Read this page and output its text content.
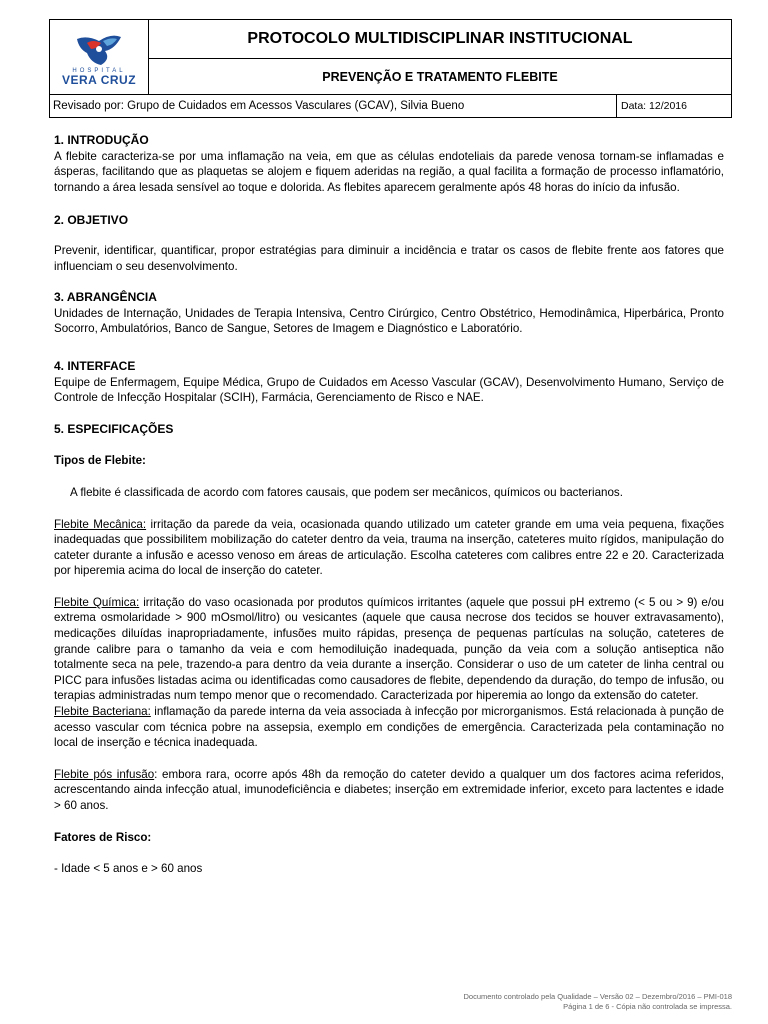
HOSPITAL
VERA CRUZ
PROTOCOLO MULTIDISCIPLINAR INSTITUCIONAL
PREVENÇÃO E TRATAMENTO FLEBITE
Revisado por: Grupo de Cuidados em Acessos Vasculares (GCAV), Silvia Bueno	Data: 12/2016

1. INTRODUÇÃO

A flebite caracteriza-se por uma inflamação na veia, em que as células endoteliais da parede venosa tornam-se inflamadas e ásperas, facilitando que as plaquetas se alojem e fiquem aderidas na região, a qual facilita a formação de processo inflamatório, tornando a área lesada sensível ao toque e dolorida. As flebites aparecem geralmente após 48 horas do início da infusão.

2. OBJETIVO

Prevenir, identificar, quantificar, propor estratégias para diminuir a incidência e tratar os casos de flebite frente aos fatores que influenciam o seu desenvolvimento.

3. ABRANGÊNCIA

Unidades de Internação, Unidades de Terapia Intensiva, Centro Cirúrgico, Centro Obstétrico, Hemodinâmica, Hiperbárica, Pronto Socorro, Ambulatórios, Banco de Sangue, Setores de Imagem e Diagnóstico e Laboratório.

4. INTERFACE

Equipe de Enfermagem, Equipe Médica, Grupo de Cuidados em Acesso Vascular (GCAV), Desenvolvimento Humano, Serviço de Controle de Infecção Hospitalar (SCIH), Farmácia, Gerenciamento de Risco e NAE.

5. ESPECIFICAÇÕES

Tipos de Flebite:

A flebite é classificada de acordo com fatores causais, que podem ser mecânicos, químicos ou bacterianos.

Flebite Mecânica: irritação da parede da veia, ocasionada quando utilizado um cateter grande em uma veia pequena, fixações inadequadas que possibilitem mobilização do cateter dentro da veia, trauma na inserção, cateteres muito rígidos, manipulação do cateter durante a infusão e acesso venoso em áreas de articulação. Escolha cateteres com calibres entre 22 e 20. Caracterizada por hiperemia acima do local de inserção do cateter.

Flebite Química: irritação do vaso ocasionada por produtos químicos irritantes (aquele que possui pH extremo (< 5 ou > 9) e/ou extrema osmolaridade > 900 mOsmol/litro) ou vesicantes (aquele que causa necrose dos tecidos se houver extravasamento), medicações diluídas inapropriadamente, infusões muito rápidas, presença de pequenas partículas na solução, cateteres de grande calibre para o tamanho da veia e com hemodiluição inadequada, punção da veia com a solução antiseptica não totalmente seca na pele, trazendo-a para dentro da veia durante a inserção. Considerar o uso de um cateter de linha central ou PICC para infusões listadas acima ou identificadas como causadores de flebite, dependendo da duração, do tempo de infusão, ou terapias administradas num tempo menor que o recomendado. Caracterizada por hiperemia ao longo da extensão do cateter.

Flebite Bacteriana: inflamação da parede interna da veia associada à infecção por microrganismos. Está relacionada à punção de acesso vascular com técnica pobre na assepsia, exemplo em condições de emergência. Caracterizada pela contaminação no local de inserção e técnica inadequada.

Flebite pós infusão: embora rara, ocorre após 48h da remoção do cateter devido a qualquer um dos factores acima referidos, acrescentando ainda infecção atual, imunodeficiência e diabetes; inserção em extremidade inferior, exceto para lactentes e idade > 60 anos.

Fatores de Risco:

- Idade < 5 anos e > 60 anos

Documento controlado pela Qualidade – Versão 02 – Dezembro/2016 – PMI-018
Página 1 de 6 - Cópia não controlada se impressa.
